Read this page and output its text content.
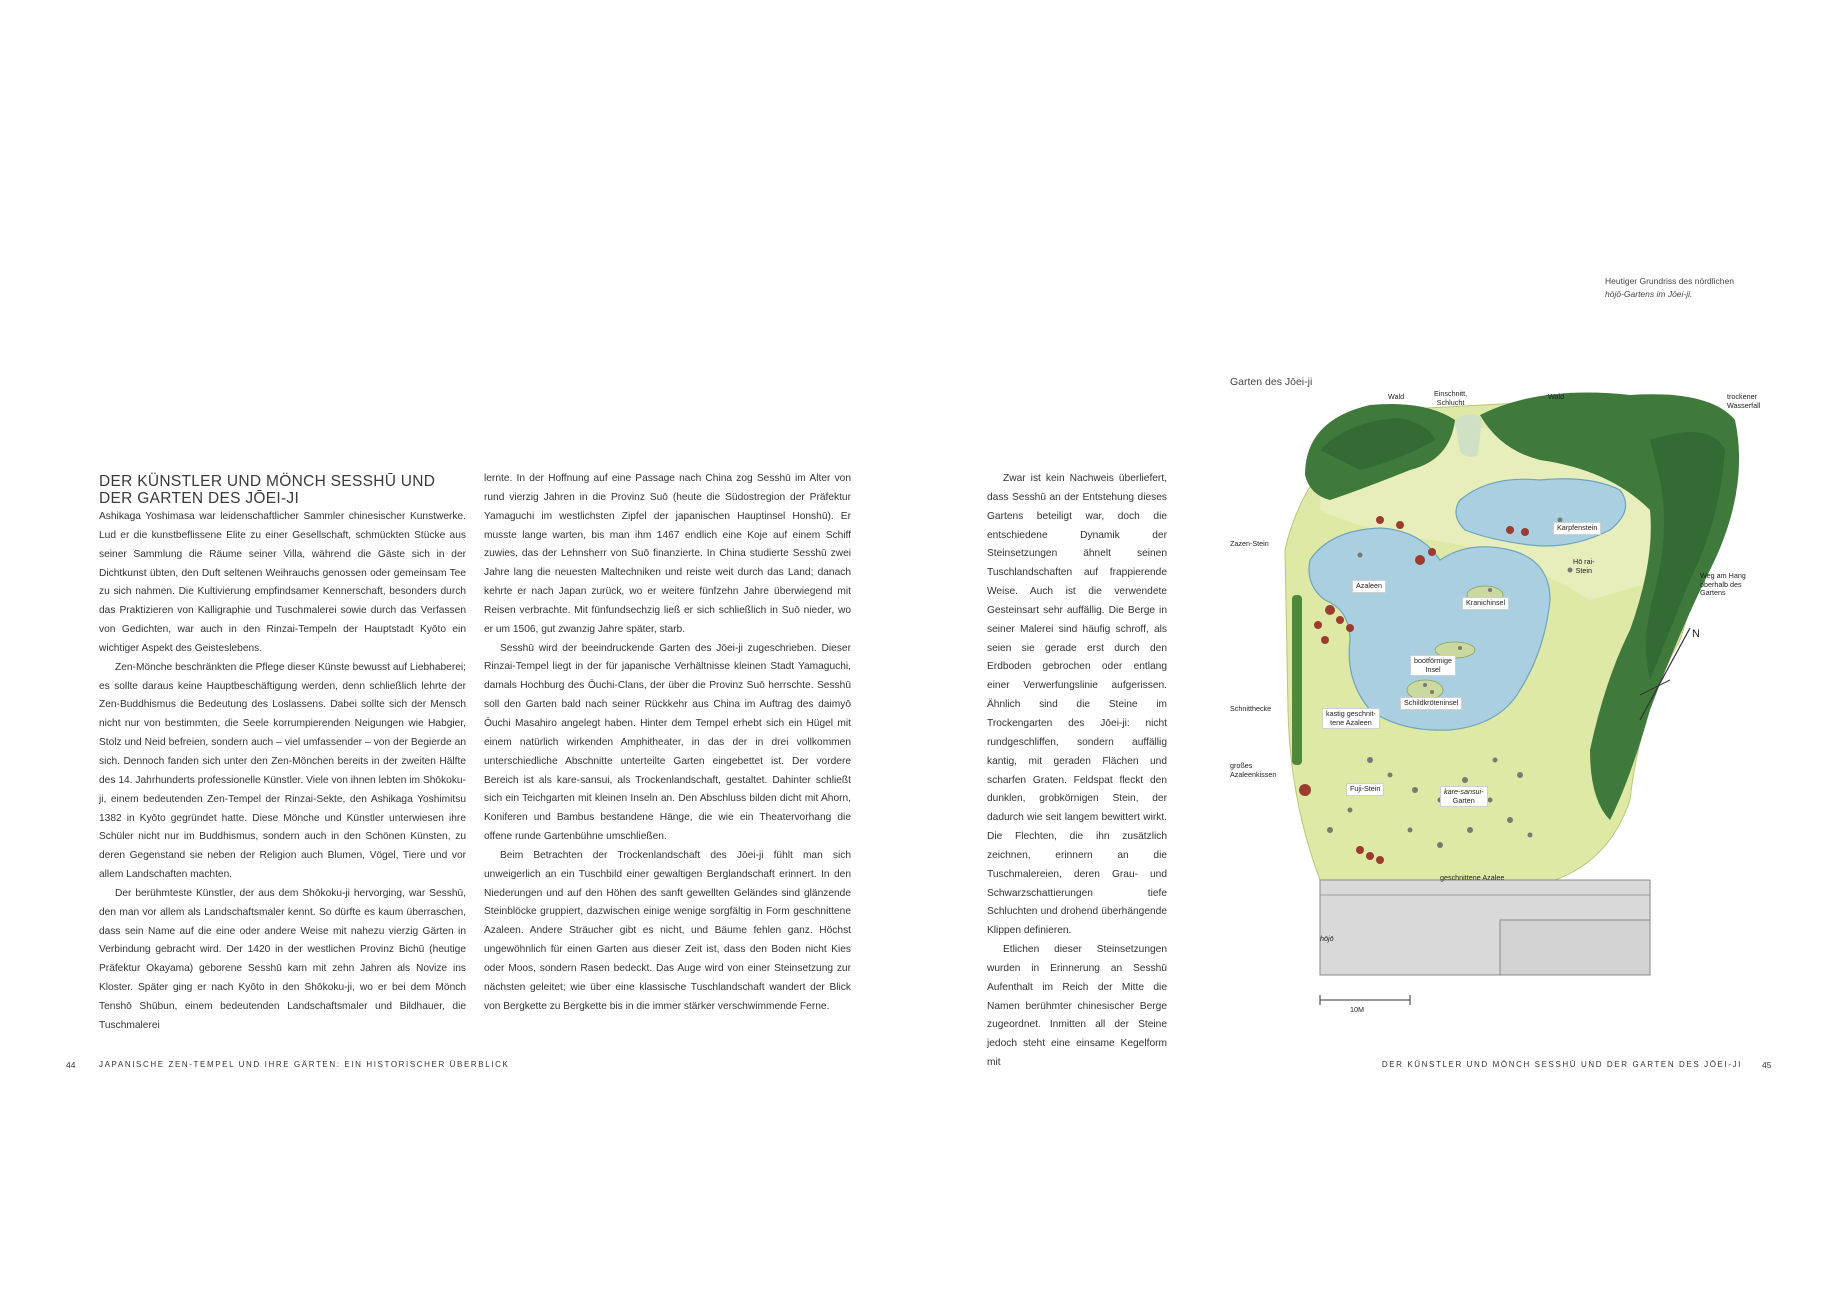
DER KÜNSTLER UND MÖNCH SESSHŪ UND
DER GARTEN DES JŌEI-JI

Ashikaga Yoshimasa war leidenschaftlicher Sammler chinesischer Kunstwerke. Lud er die kunstbeflissene Elite zu einer Gesellschaft, schmückten Stücke aus seiner Sammlung die Räume seiner Villa, während die Gäste sich in der Dichtkunst übten, den Duft seltenen Weihrauchs genossen oder gemeinsam Tee zu sich nahmen. Die Kultivierung empfindsamer Kennerschaft, besonders durch das Praktizieren von Kalligraphie und Tuschmalerei sowie durch das Verfassen von Gedichten, war auch in den Rinzai-Tempeln der Hauptstadt Kyōto ein wichtiger Aspekt des Geisteslebens.

Zen-Mönche beschränkten die Pflege dieser Künste bewusst auf Liebhaberei; es sollte daraus keine Hauptbeschäftigung werden, denn schließlich lehrte der Zen-Buddhismus die Bedeutung des Loslassens. Dabei sollte sich der Mensch nicht nur von bestimmten, die Seele korrumpierenden Neigungen wie Habgier, Stolz und Neid befreien, sondern auch – viel umfassender – von der Begierde an sich. Dennoch fanden sich unter den Zen-Mönchen bereits in der zweiten Hälfte des 14. Jahrhunderts professionelle Künstler. Viele von ihnen lebten im Shōkoku-ji, einem bedeutenden Zen-Tempel der Rinzai-Sekte, den Ashikaga Yoshimitsu 1382 in Kyōto gegründet hatte. Diese Mönche und Künstler unterwiesen ihre Schüler nicht nur im Buddhismus, sondern auch in den Schönen Künsten, zu deren Gegenstand sie neben der Religion auch Blumen, Vögel, Tiere und vor allem Landschaften machten.

Der berühmteste Künstler, der aus dem Shōkoku-ji hervorging, war Sesshū, den man vor allem als Landschaftsmaler kennt. So dürfte es kaum überraschen, dass sein Name auf die eine oder andere Weise mit nahezu vierzig Gärten in Verbindung gebracht wird. Der 1420 in der westlichen Provinz Bichū (heutige Präfektur Okayama) geborene Sesshū kam mit zehn Jahren als Novize ins Kloster. Später ging er nach Kyōto in den Shōkoku-ji, wo er bei dem Mönch Tenshō Shūbun, einem bedeutenden Landschaftsmaler und Bildhauer, die Tuschmalerei

lernte. In der Hoffnung auf eine Passage nach China zog Sesshū im Alter von rund vierzig Jahren in die Provinz Suō (heute die Südostregion der Präfektur Yamaguchi im westlichsten Zipfel der japanischen Hauptinsel Honshū). Er musste lange warten, bis man ihm 1467 endlich eine Koje auf einem Schiff zuwies, das der Lehnsherr von Suō finanzierte. In China studierte Sesshū zwei Jahre lang die neuesten Maltechniken und reiste weit durch das Land; danach kehrte er nach Japan zurück, wo er weitere fünfzehn Jahre überwiegend mit Reisen verbrachte. Mit fünfundsechzig ließ er sich schließlich in Suō nieder, wo er um 1506, gut zwanzig Jahre später, starb.

Sesshū wird der beeindruckende Garten des Jōei-ji zugeschrieben. Dieser Rinzai-Tempel liegt in der für japanische Verhältnisse kleinen Stadt Yamaguchi, damals Hochburg des Ōuchi-Clans, der über die Provinz Suō herrschte. Sesshū soll den Garten bald nach seiner Rückkehr aus China im Auftrag des daimyō Ōuchi Masahiro angelegt haben. Hinter dem Tempel erhebt sich ein Hügel mit einem natürlich wirkenden Amphitheater, in das der in drei vollkommen unterschiedliche Abschnitte unterteilte Garten eingebettet ist. Der vordere Bereich ist als kare-sansui, als Trockenlandschaft, gestaltet. Dahinter schließt sich ein Teichgarten mit kleinen Inseln an. Den Abschluss bilden dicht mit Ahorn, Koniferen und Bambus bestandene Hänge, die wie ein Theatervorhang die offene runde Gartenbühne umschließen.

Beim Betrachten der Trockenlandschaft des Jōei-ji fühlt man sich unweigerlich an ein Tuschbild einer gewaltigen Berglandschaft erinnert. In den Niederungen und auf den Höhen des sanft gewellten Geländes sind glänzende Steinblöcke gruppiert, dazwischen einige wenige sorgfältig in Form geschnittene Azaleen. Andere Sträucher gibt es nicht, und Bäume fehlen ganz. Höchst ungewöhnlich für einen Garten aus dieser Zeit ist, dass den Boden nicht Kies oder Moos, sondern Rasen bedeckt. Das Auge wird von einer Steinsetzung zur nächsten geleitet; wie über eine klassische Tuschlandschaft wandert der Blick von Bergkette zu Bergkette bis in die immer stärker verschwimmende Ferne.

Zwar ist kein Nachweis überliefert, dass Sesshū an der Entstehung dieses Gartens beteiligt war, doch die entschiedene Dynamik der Steinsetzungen ähnelt seinen Tuschlandschaften auf frappierende Weise. Auch ist die verwendete Gesteinsart sehr auffällig. Die Berge in seiner Malerei sind häufig schroff, als seien sie gerade erst durch den Erdboden gebrochen oder entlang einer Verwerfungslinie aufgerissen. Ähnlich sind die Steine im Trockengarten des Jōei-ji: nicht rundgeschliffen, sondern auffällig kantig, mit geraden Flächen und scharfen Graten. Feldspat fleckt den dunklen, grobkörnigen Stein, der dadurch wie seit langem bewittert wirkt. Die Flechten, die ihn zusätzlich zeichnen, erinnern an die Tuschmalereien, deren Grau- und Schwarzschattierungen tiefe Schluchten und drohend überhängende Klippen definieren.

Etlichen dieser Steinsetzungen wurden in Erinnerung an Sesshū Aufenthalt im Reich der Mitte die Namen berühmter chinesischer Berge zugeordnet. Inmitten all der Steine jedoch steht eine einsame Kegelform mit

44	JAPANISCHE ZEN-TEMPEL UND IHRE GÄRTEN: EIN HISTORISCHER ÜBERBLICK	DER KÜNSTLER UND MÖNCH SESSHŪ UND DER GARTEN DES JŌEI-JI 45
Heutiger Grundriss des nördlichen
hōjō-Gartens im Jōei-ji.
Garten des Jōei-ji
Wald	Einschnitt,
Schlucht
Wald	trockener
Wasserfall
Karpfenstein
Zazen-Stein
Hō rai-
Stein
Weg am Hang
oberhalb des
Gartens
Azaleen
Kranichinsel
bootförmige
Insel
Schnitthecke
kastig geschnit-
tene Azaleen
Schildkröteninsel
großes
Azaleenkissen
Fuji-Stein	kare-sansui-
Garten
geschnittene Azalee
hōjō
10M
N
